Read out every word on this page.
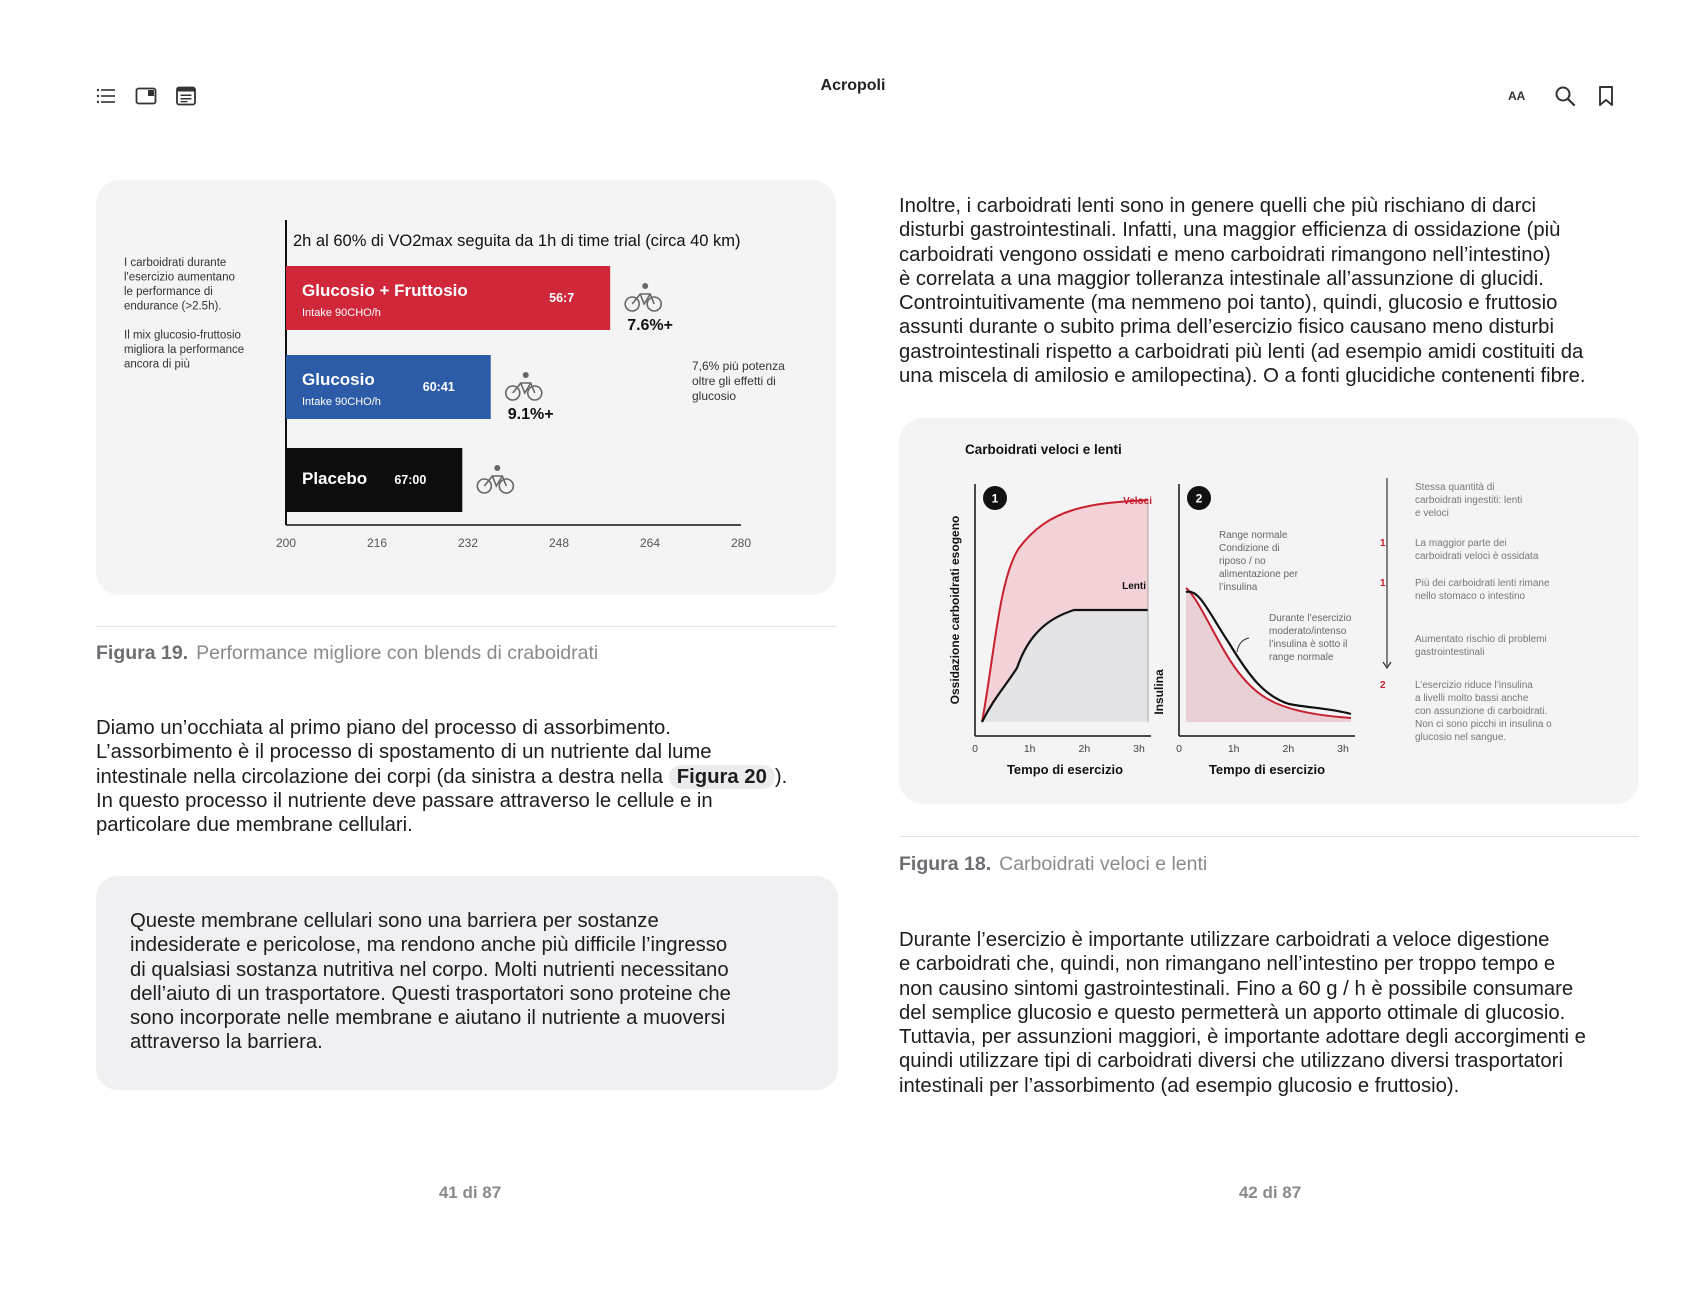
Acropoli
AA
I carboidrati durante
l'esercizio aumentano
le performance di
endurance (>2.5h).
Il mix glucosio-fruttosio
migliora la performance
ancora di più
2h al 60% di VO2max seguita da 1h di time trial (circa 40 km)
Glucosio + Fruttosio
Intake 90CHO/h
56:7
7.6%+
Glucosio
Intake 90CHO/h
60:41
9.1%+
Placebo 67:00
200	216	232	248	264	280
7,6% più potenza
oltre gli effetti di
glucosio
Figura 19. Performance migliore con blends di craboidrati
Diamo un’occhiata al primo piano del processo di assorbimento.
L’assorbimento è il processo di spostamento di un nutriente dal lume
intestinale nella circolazione dei corpi (da sinistra a destra nella Figura 20 ).
In questo processo il nutriente deve passare attraverso le cellule e in
particolare due membrane cellulari.
Queste membrane cellulari sono una barriera per sostanze
indesiderate e pericolose, ma rendono anche più difficile l’ingresso
di qualsiasi sostanza nutritiva nel corpo. Molti nutrienti necessitano
dell’aiuto di un trasportatore. Questi trasportatori sono proteine che
sono incorporate nelle membrane e aiutano il nutriente a muoversi
attraverso la barriera.
41 di 87
Inoltre, i carboidrati lenti sono in genere quelli che più rischiano di darci
disturbi gastrointestinali. Infatti, una maggior efficienza di ossidazione (più
carboidrati vengono ossidati e meno carboidrati rimangono nell’intestino)
è correlata a una maggior tolleranza intestinale all’assunzione di glucidi.
Controintuitivamente (ma nemmeno poi tanto), quindi, glucosio e fruttosio
assunti durante o subito prima dell’esercizio fisico causano meno disturbi
gastrointestinali rispetto a carboidrati più lenti (ad esempio amidi costituiti da
una miscela di amilosio e amilopectina). O a fonti glucidiche contenenti fibre.
Carboidrati veloci e lenti
1	Veloci
Lenti
Ossidazione carboidrati esogeno
0	1h	2h	3h
Tempo di esercizio
2
Range normale
Condizione di
riposo / no
alimentazione per
l’insulina
Durante l’esercizio
moderato/intenso
l’insulina è sotto il
range normale
Insulina
0	1h	2h	3h
Tempo di esercizio
Stessa quantità di
carboidrati ingestiti: lenti
e veloci
1	La maggior parte dei
carboidrati veloci è ossidata
1	Più dei carboidrati lenti rimane
nello stomaco o intestino
Aumentato rischio di problemi
gastrointestinali
2	L’esercizio riduce l’insulina
a livelli molto bassi anche
con assunzione di carboidrati.
Non ci sono picchi in insulina o
glucosio nel sangue.
Figura 18. Carboidrati veloci e lenti
Durante l’esercizio è importante utilizzare carboidrati a veloce digestione
e carboidrati che, quindi, non rimangano nell’intestino per troppo tempo e
non causino sintomi gastrointestinali. Fino a 60 g / h è possibile consumare
del semplice glucosio e questo permetterà un apporto ottimale di glucosio.
Tuttavia, per assunzioni maggiori, è importante adottare degli accorgimenti e
quindi utilizzare tipi di carboidrati diversi che utilizzano diversi trasportatori
intestinali per l’assorbimento (ad esempio glucosio e fruttosio).
42 di 87
